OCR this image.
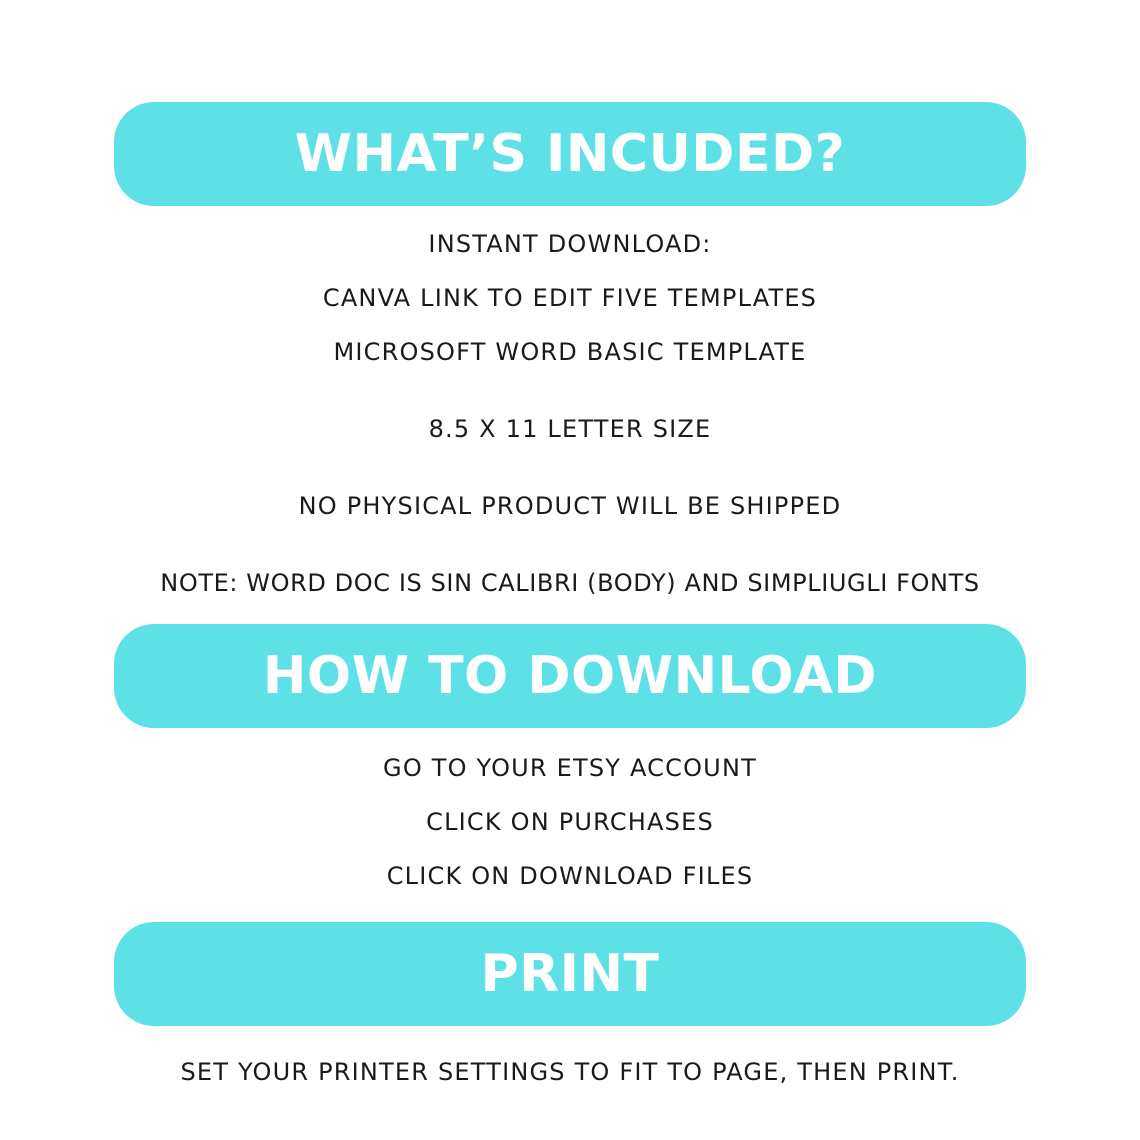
WHAT’S INCUDED?
INSTANT DOWNLOAD:
CANVA LINK TO EDIT FIVE TEMPLATES
MICROSOFT WORD BASIC TEMPLATE
8.5 X 11 LETTER SIZE
NO PHYSICAL PRODUCT WILL BE SHIPPED
NOTE: WORD DOC IS SIN CALIBRI (BODY) AND SIMPLIUGLI FONTS
HOW TO DOWNLOAD
GO TO YOUR ETSY ACCOUNT
CLICK ON PURCHASES
CLICK ON DOWNLOAD FILES
PRINT
SET YOUR PRINTER SETTINGS TO FIT TO PAGE, THEN PRINT.
